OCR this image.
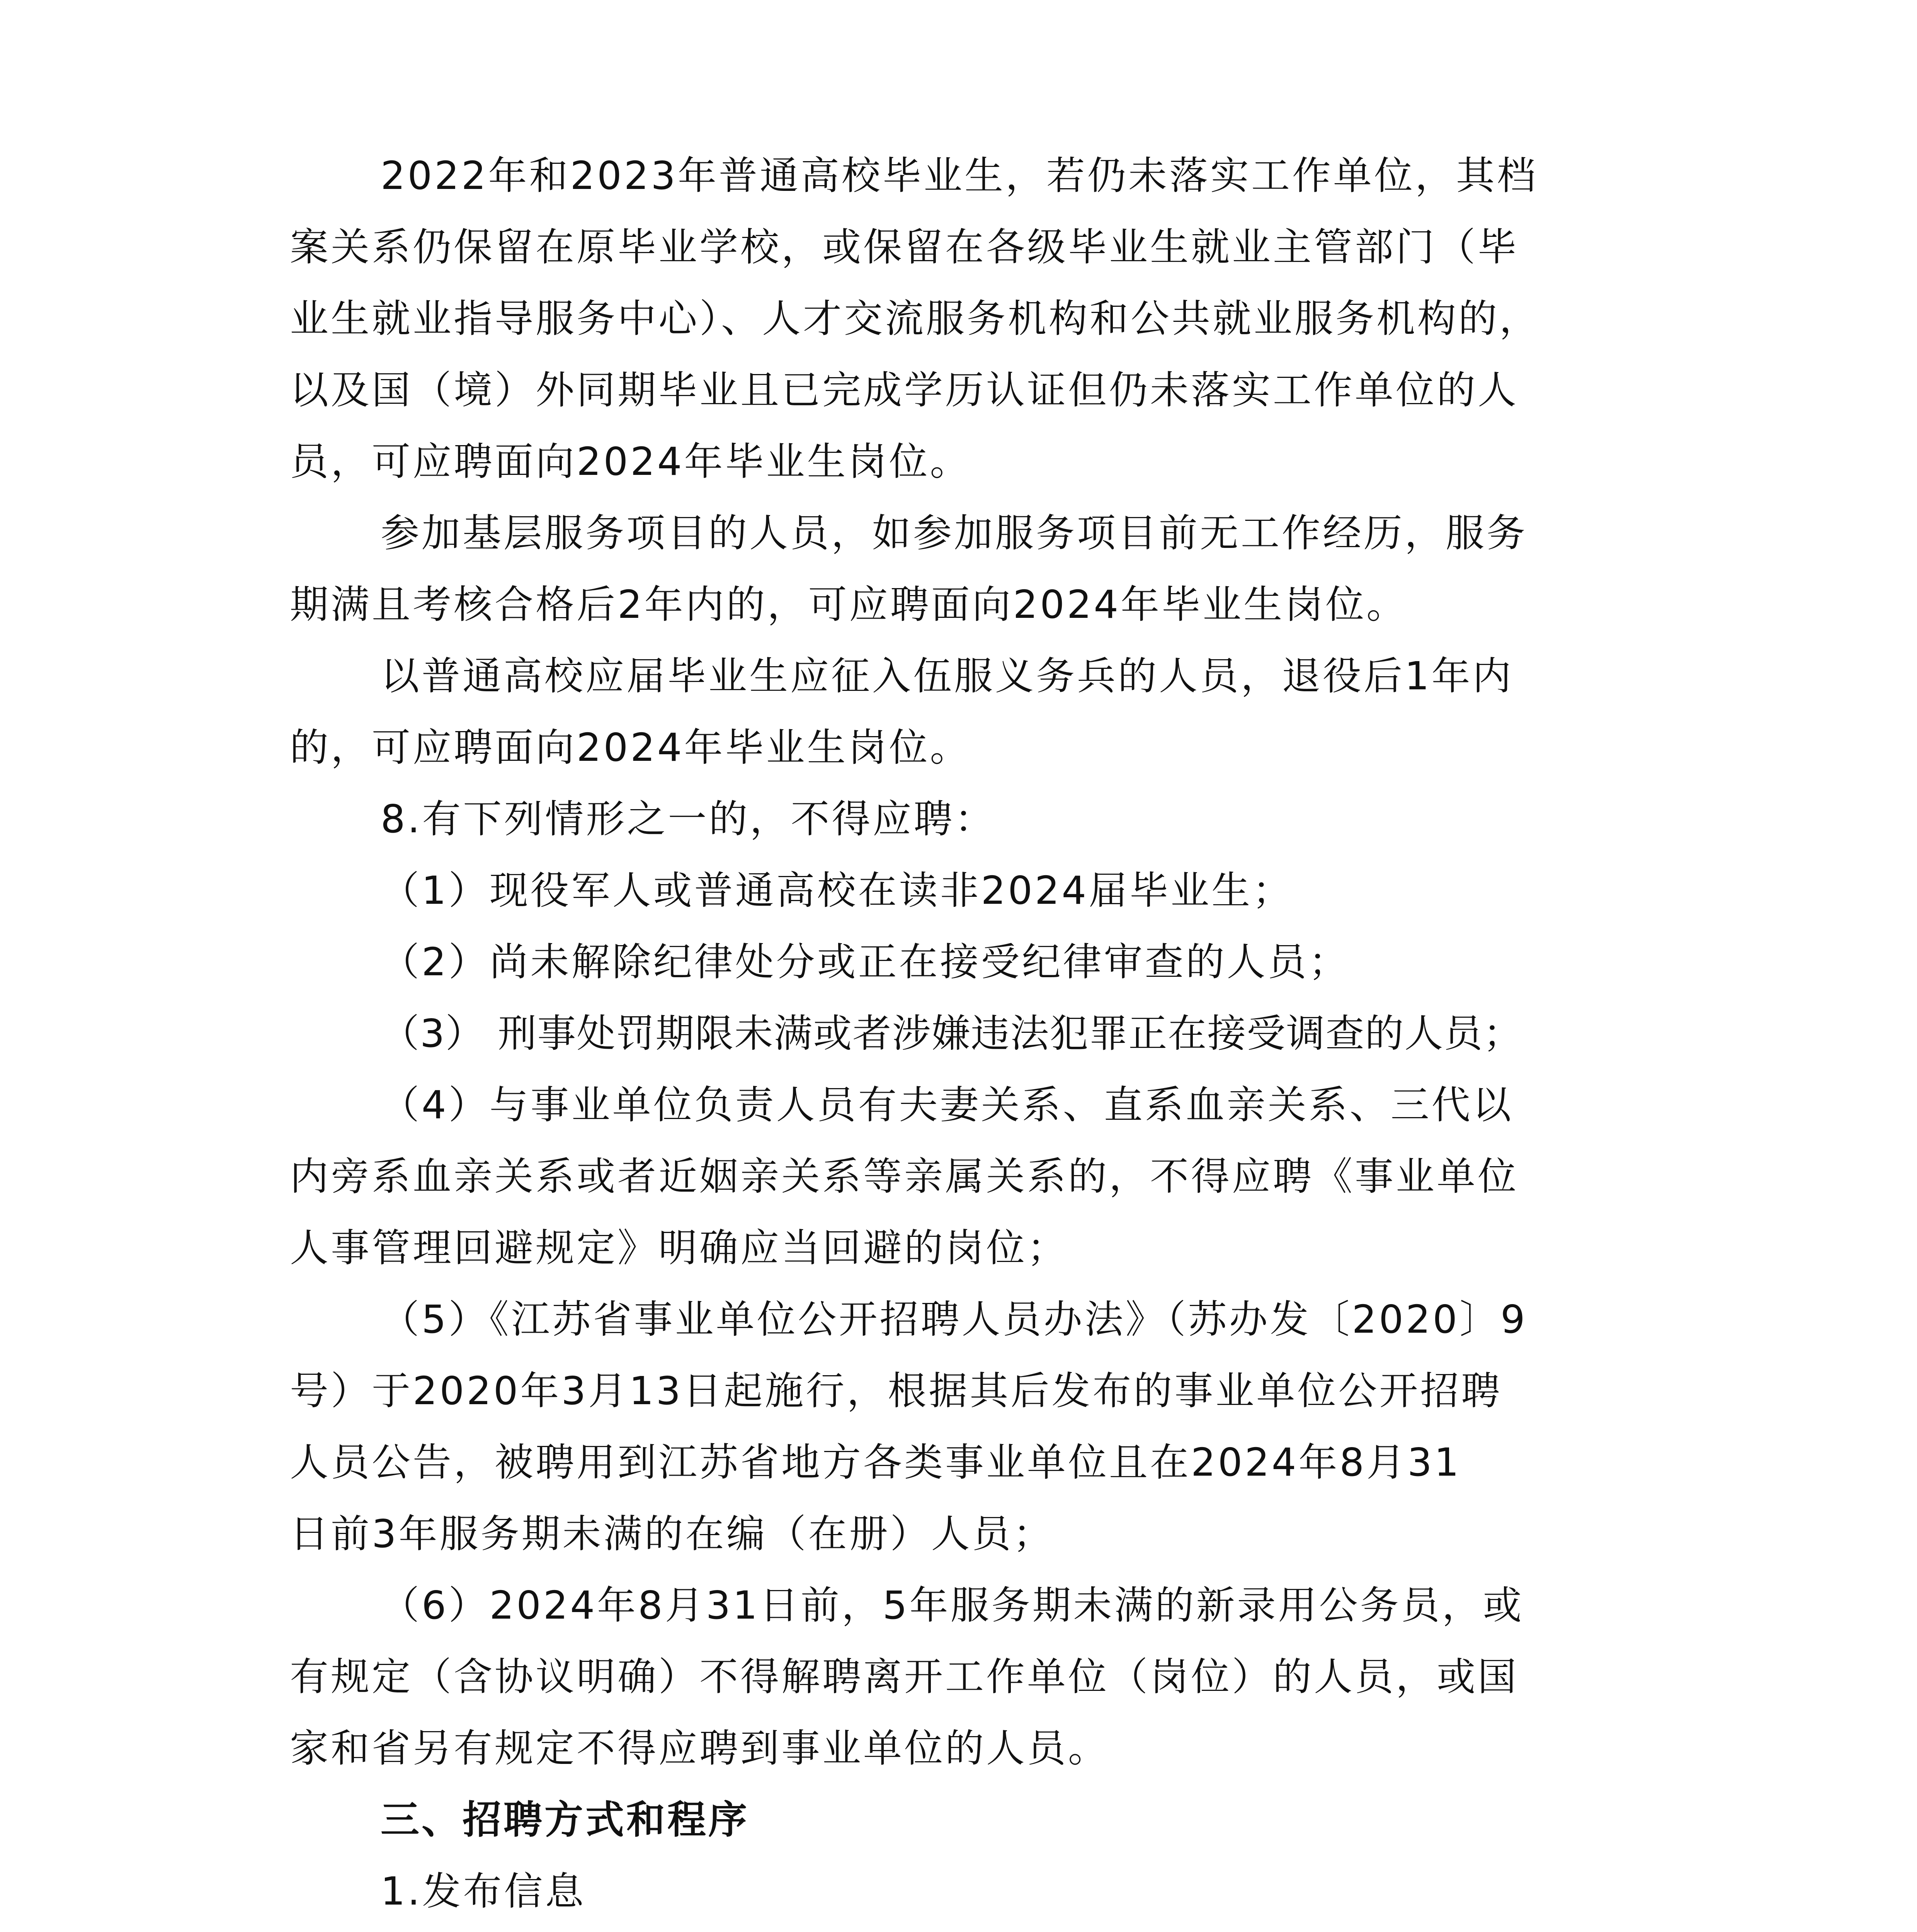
2022年和2023年普通高校毕业生，若仍未落实工作单位，其档
案关系仍保留在原毕业学校，或保留在各级毕业生就业主管部门（毕
业生就业指导服务中心）、人才交流服务机构和公共就业服务机构的，
以及国（境）外同期毕业且已完成学历认证但仍未落实工作单位的人
员，可应聘面向2024年毕业生岗位。
参加基层服务项目的人员，如参加服务项目前无工作经历，服务
期满且考核合格后2年内的，可应聘面向2024年毕业生岗位。
以普通高校应届毕业生应征入伍服义务兵的人员，退役后1年内
的，可应聘面向2024年毕业生岗位。
8.有下列情形之一的，不得应聘：
（1）现役军人或普通高校在读非2024届毕业生；
（2）尚未解除纪律处分或正在接受纪律审查的人员；
（3） 刑事处罚期限未满或者涉嫌违法犯罪正在接受调查的人员；
（4）与事业单位负责人员有夫妻关系、直系血亲关系、三代以
内旁系血亲关系或者近姻亲关系等亲属关系的，不得应聘《事业单位
人事管理回避规定》明确应当回避的岗位；
（5）《江苏省事业单位公开招聘人员办法》（苏办发〔2020〕9
号）于2020年3月13日起施行，根据其后发布的事业单位公开招聘
人员公告，被聘用到江苏省地方各类事业单位且在2024年8月31
日前3年服务期未满的在编（在册）人员；
（6）2024年8月31日前，5年服务期未满的新录用公务员，或
有规定（含协议明确）不得解聘离开工作单位（岗位）的人员，或国
家和省另有规定不得应聘到事业单位的人员。
三、招聘方式和程序
1.发布信息
